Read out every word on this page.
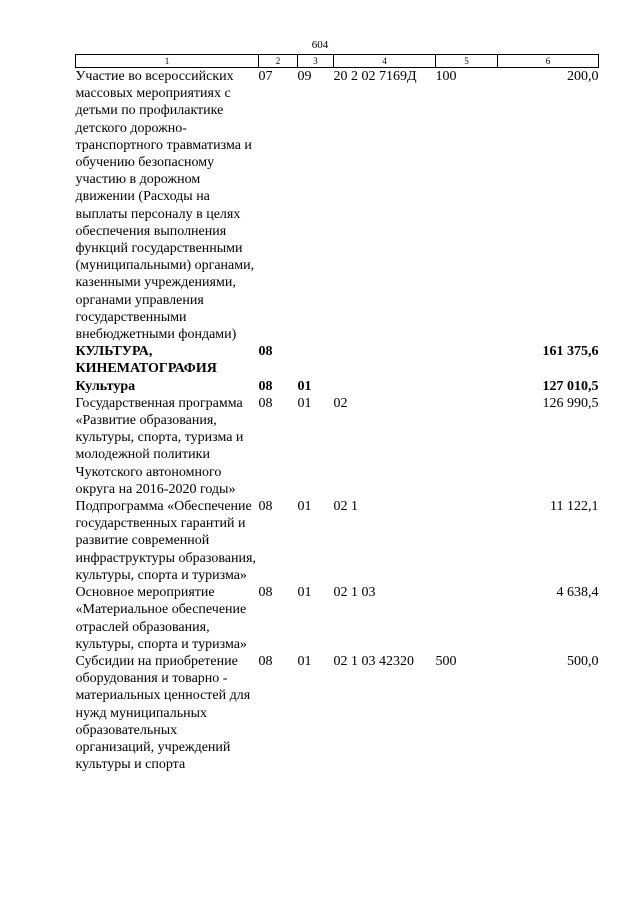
604
1	2	3	4	5	6
Участие во всероссийских массовых мероприятиях с детьми по профилактике детского дорожно-транспортного травматизма и обучению безопасному участию в дорожном движении (Расходы на выплаты персоналу в целях обеспечения выполнения функций государственными (муниципальными) органами, казенными учреждениями, органами управления государственными внебюджетными фондами)	07	09	20 2 02 7169Д	100	200,0
КУЛЬТУРА, КИНЕМАТОГРАФИЯ	08				161 375,6
Культура	08	01			127 010,5
Государственная программа «Развитие образования, культуры, спорта, туризма и молодежной политики Чукотского автономного округа на 2016-2020 годы»	08	01	02		126 990,5
Подпрограмма «Обеспечение государственных гарантий и развитие современной инфраструктуры образования, культуры, спорта и туризма»	08	01	02 1		11 122,1
Основное мероприятие «Материальное обеспечение отраслей образования, культуры, спорта и туризма»	08	01	02 1 03		4 638,4
Субсидии на приобретение оборудования и товарно - материальных ценностей для нужд муниципальных образовательных организаций, учреждений культуры и спорта	08	01	02 1 03 42320	500	500,0
